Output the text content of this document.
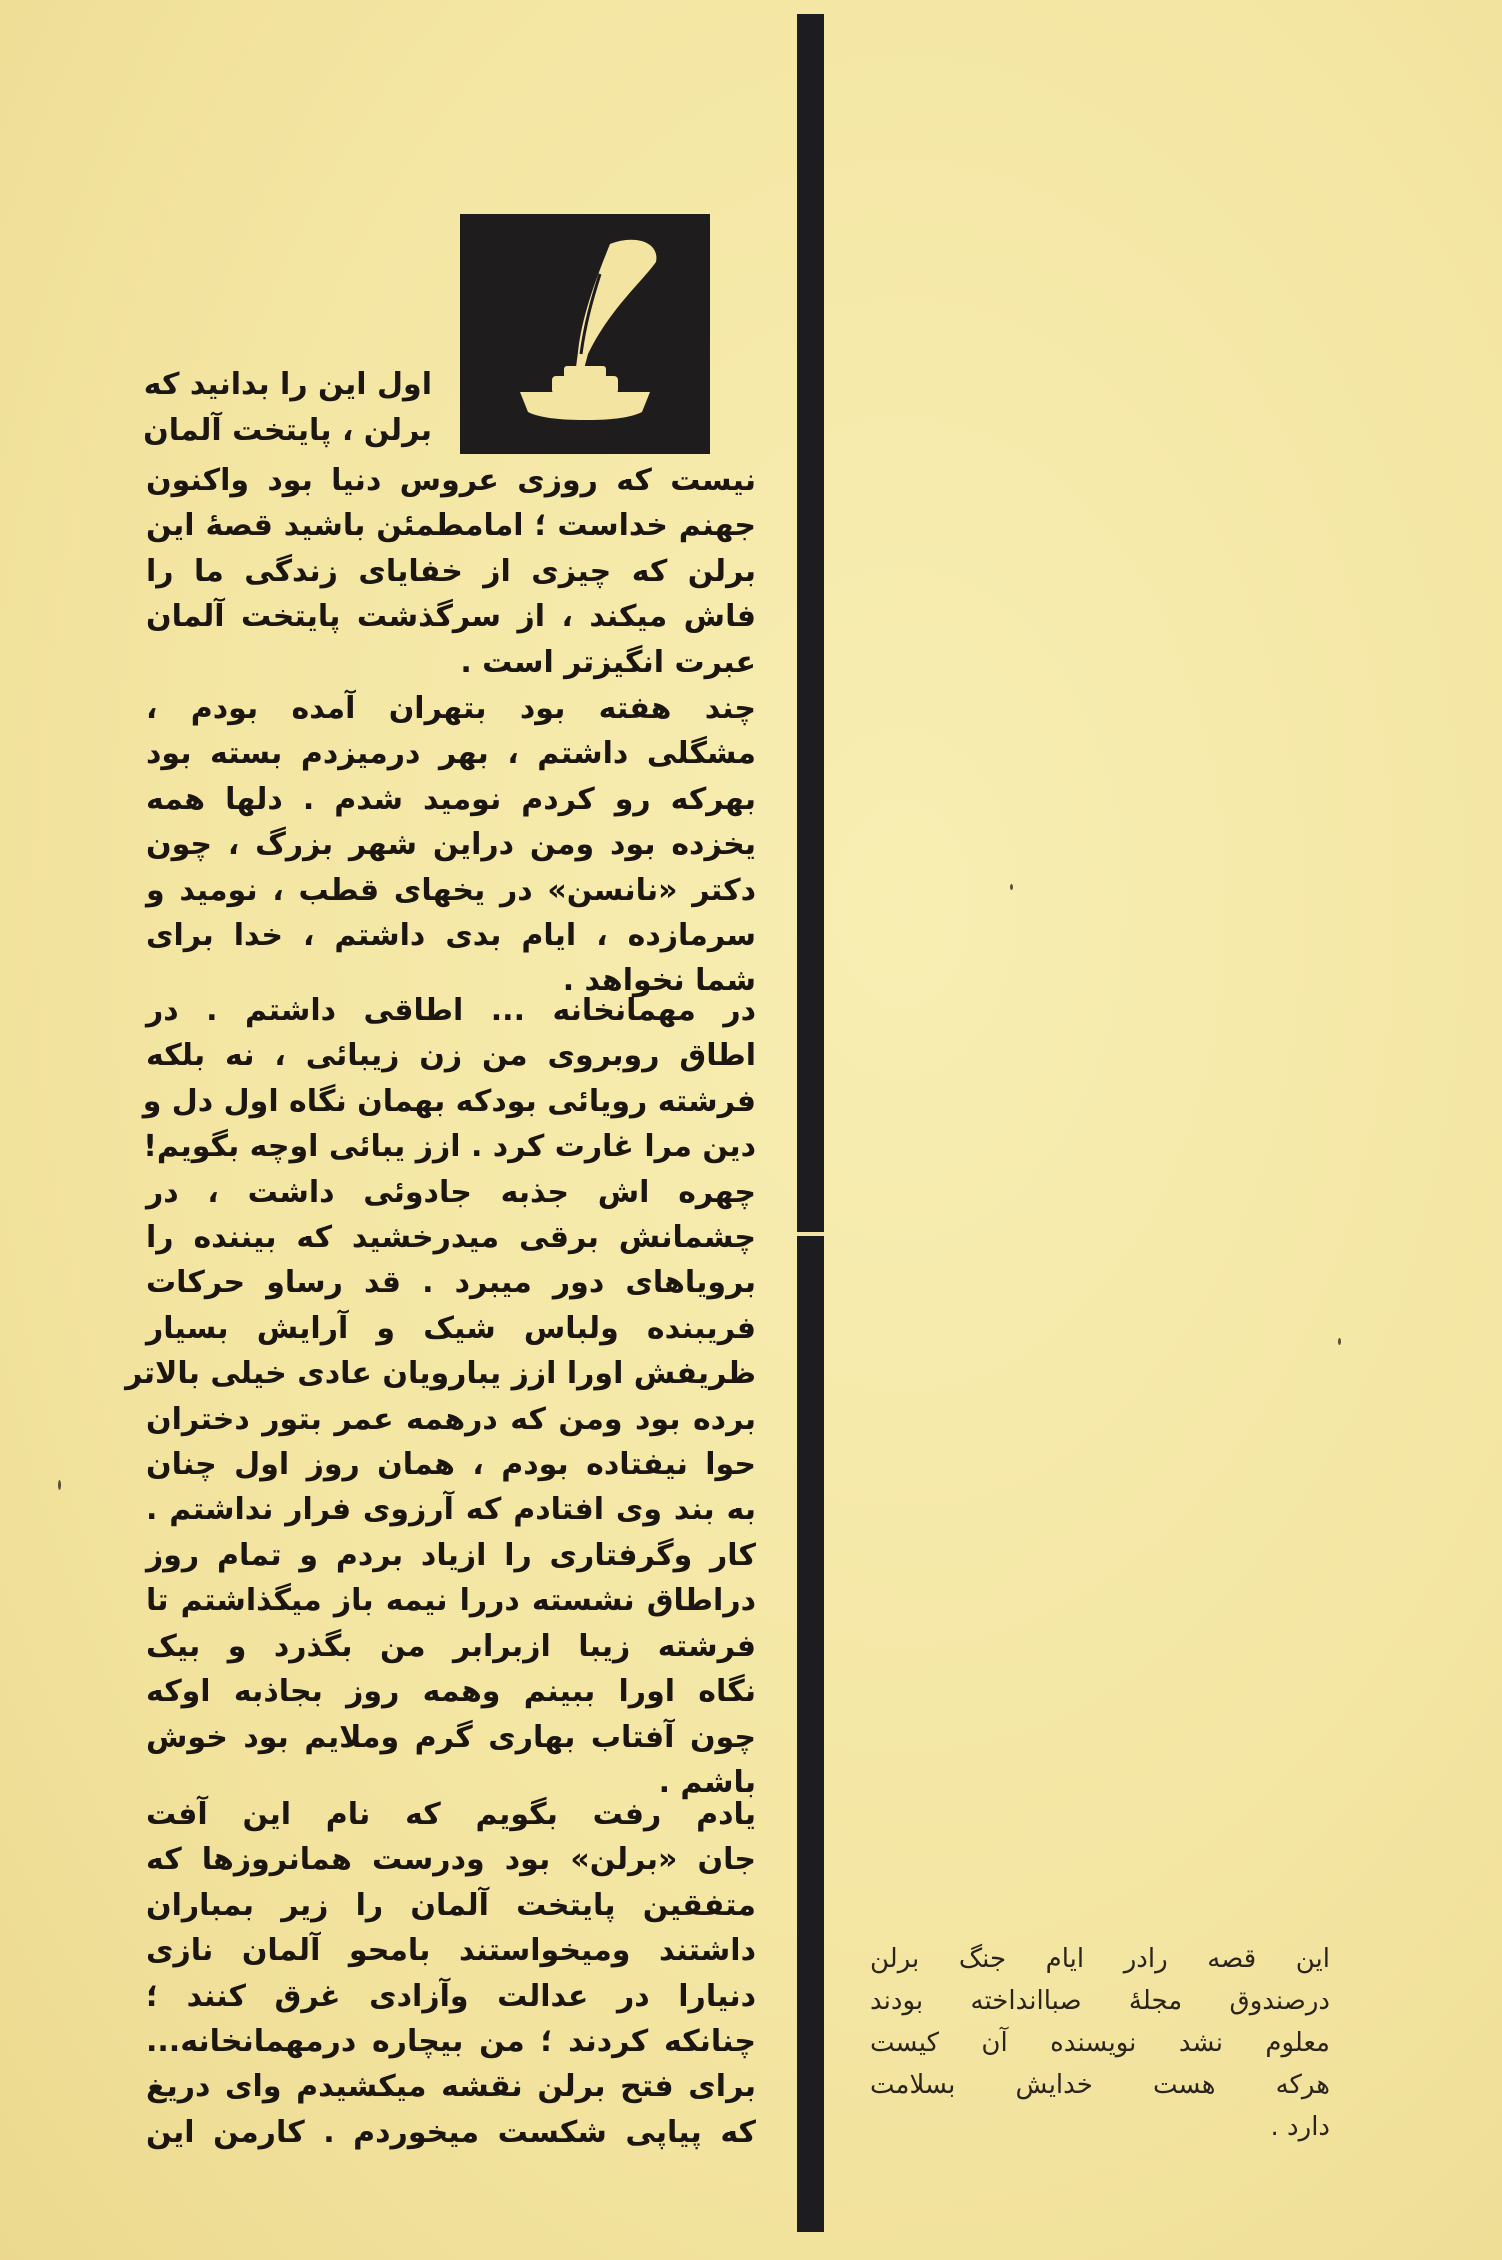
اول این را بدانید که
برلن ، پایتخت آلمان
نیست که روزی عروس دنیا بود واکنون
جهنم خداست ؛ امامطمئن باشید قصهٔ این
برلن که چیزی از خفایای زندگی ما را
فاش میکند ، از سرگذشت پایتخت آلمان
عبرت انگیزتر است .
چند هفته بود بتهران آمده بودم ،
مشگلی داشتم ، بهر درمیزدم بسته بود
بهرکه رو کردم نومید شدم . دلها همه
یخزده بود ومن دراین شهر بزرگ ، چون
دکتر «نانسن» در یخهای قطب ، نومید و
سرمازده ، ایام بدی داشتم ، خدا برای
شما نخواهد .
در مهمانخانه ... اطاقی داشتم . در
اطاق روبروی من زن زیبائی ، نه بلکه
فرشته رویائی بودکه بهمان نگاه اول دل و
دین مرا غارت کرد . ازز یبائی اوچه بگویم!
چهره اش جذبه جادوئی داشت ، در
چشمانش برقی میدرخشید که بیننده را
برویاهای دور میبرد . قد رساو حرکات
فریبنده ولباس شیک و آرایش بسیار
ظریفش اورا ازز یبارویان عادی خیلی بالاتر
برده بود ومن که درهمه عمر بتور دختران
حوا نیفتاده بودم ، همان روز اول چنان
به بند وی افتادم که آرزوی فرار نداشتم .
کار وگرفتاری را ازیاد بردم و تمام روز
دراطاق نشسته دررا نیمه باز میگذاشتم تا
فرشته زیبا ازبرابر من بگذرد و بیک
نگاه اورا ببینم وهمه روز بجاذبه اوکه
چون آفتاب بهاری گرم وملایم بود خوش
باشم .
یادم رفت بگویم که نام این آفت
جان «برلن» بود ودرست همانروزها که
متفقین پایتخت آلمان را زیر بمباران
داشتند ومیخواستند بامحو آلمان نازی
دنیارا در عدالت وآزادی غرق کنند ؛
چنانکه کردند ؛ من بیچاره درمهمانخانه...
برای فتح برلن نقشه میکشیدم وای دریغ
که پیاپی شکست میخوردم . کارمن این
این قصه رادر ایام جنگ برلن
درصندوق مجلهٔ صباانداخته بودند
معلوم نشد نویسنده آن کیست
هرکه هست خدایش بسلامت
دارد .
